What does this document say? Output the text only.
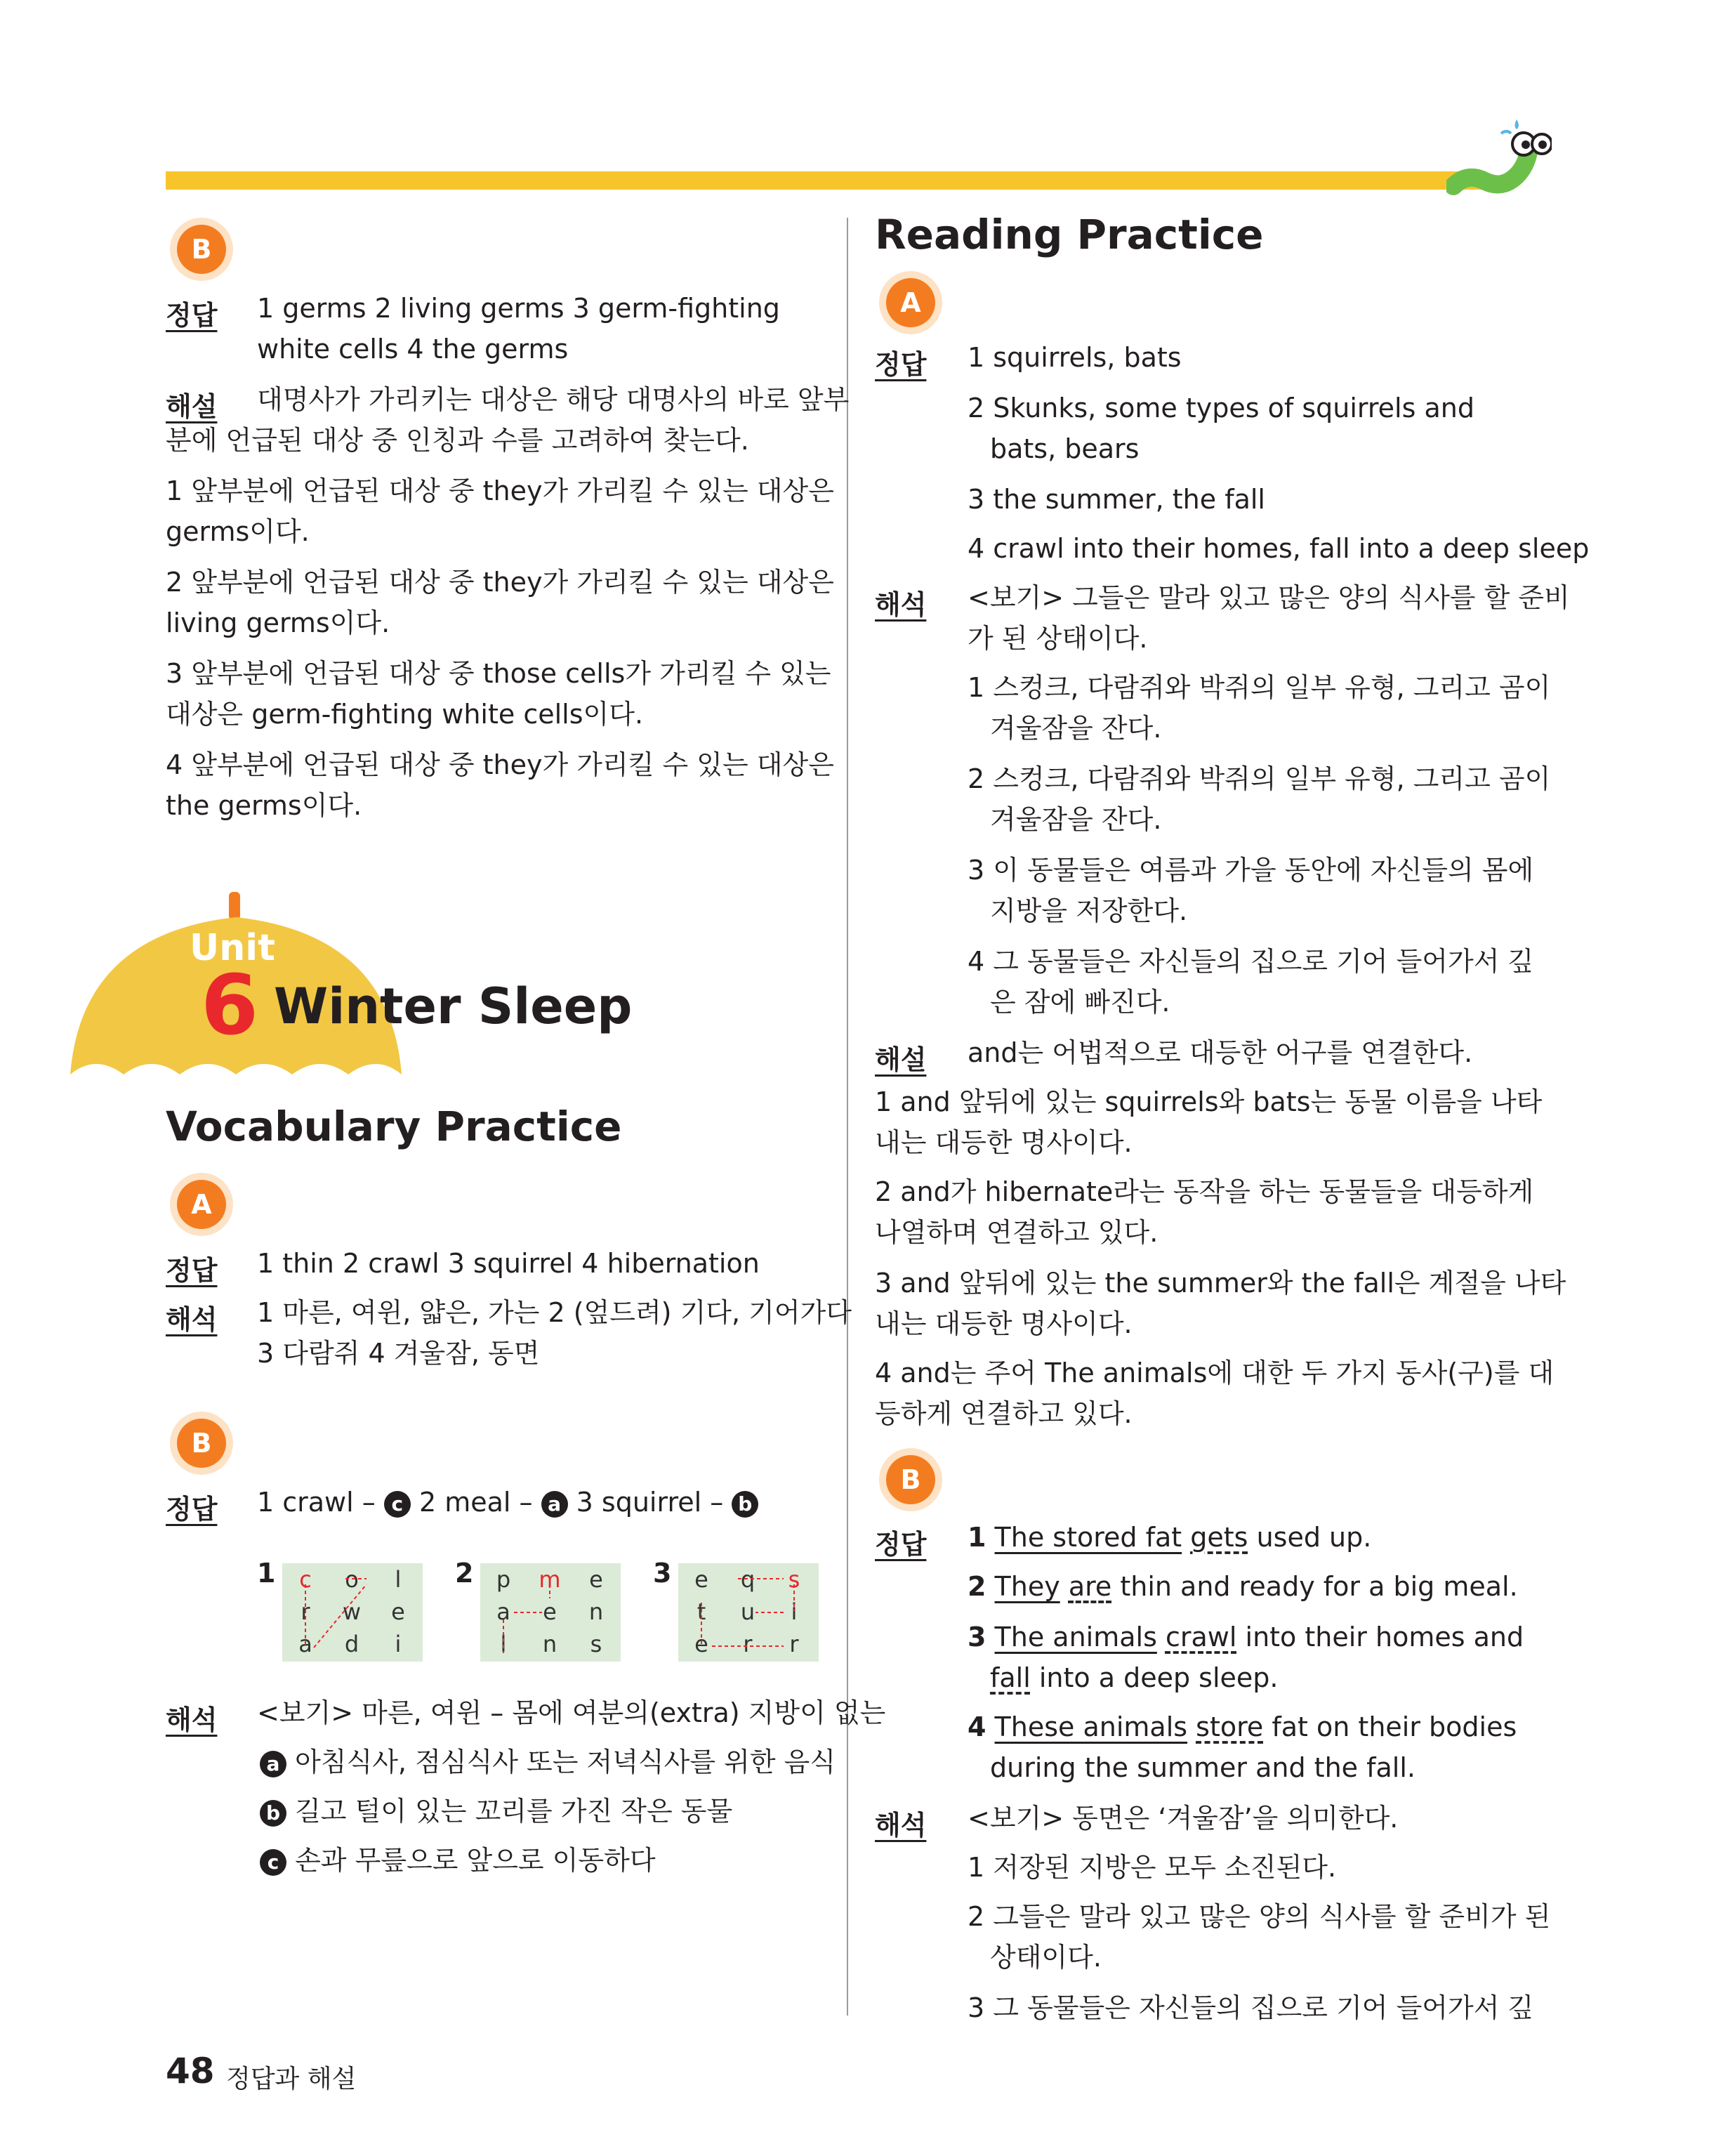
B
정답 1 germs 2 living germs 3 germ-fighting
white cells 4 the germs
해설 대명사가 가리키는 대상은 해당 대명사의 바로 앞부
분에 언급된 대상 중 인칭과 수를 고려하여 찾는다.
1 앞부분에 언급된 대상 중 they가 가리킬 수 있는 대상은
germs이다.
2 앞부분에 언급된 대상 중 they가 가리킬 수 있는 대상은
living germs이다.
3 앞부분에 언급된 대상 중 those cells가 가리킬 수 있는
대상은 germ-fighting white cells이다.
4 앞부분에 언급된 대상 중 they가 가리킬 수 있는 대상은
the germs이다.
Unit
6 Winter Sleep
Vocabulary Practice
A
정답 1 thin 2 crawl 3 squirrel 4 hibernation
해석 1 마른, 여윈, 얇은, 가는 2 (엎드려) 기다, 기어가다
3 다람쥐 4 겨울잠, 동면
B
정답 1 crawl – c 2 meal – a 3 squirrel – b
1	c	o	l
r	w	e
a	d	i
2	p	m	e
a	e	n
l	n	s
3	e	q	s
t	u	i
e	r	r
해석 <보기> 마른, 여윈 – 몸에 여분의(extra) 지방이 없는
a 아침식사, 점심식사 또는 저녁식사를 위한 음식
b 길고 털이 있는 꼬리를 가진 작은 동물
c 손과 무릎으로 앞으로 이동하다
Reading Practice
A
정답 1 squirrels, bats
2 Skunks, some types of squirrels and
bats, bears
3 the summer, the fall
4 crawl into their homes, fall into a deep sleep
해석 <보기> 그들은 말라 있고 많은 양의 식사를 할 준비
가 된 상태이다.
1 스컹크, 다람쥐와 박쥐의 일부 유형, 그리고 곰이
겨울잠을 잔다.
2 스컹크, 다람쥐와 박쥐의 일부 유형, 그리고 곰이
겨울잠을 잔다.
3 이 동물들은 여름과 가을 동안에 자신들의 몸에
지방을 저장한다.
4 그 동물들은 자신들의 집으로 기어 들어가서 깊
은 잠에 빠진다.
해설 and는 어법적으로 대등한 어구를 연결한다.
1 and 앞뒤에 있는 squirrels와 bats는 동물 이름을 나타
내는 대등한 명사이다.
2 and가 hibernate라는 동작을 하는 동물들을 대등하게
나열하며 연결하고 있다.
3 and 앞뒤에 있는 the summer와 the fall은 계절을 나타
내는 대등한 명사이다.
4 and는 주어 The animals에 대한 두 가지 동사(구)를 대
등하게 연결하고 있다.
B
정답 1 The stored fat gets used up.
2 They are thin and ready for a big meal.
3 The animals crawl into their homes and
fall into a deep sleep.
4 These animals store fat on their bodies
during the summer and the fall.
해석 <보기> 동면은 ‘겨울잠’을 의미한다.
1 저장된 지방은 모두 소진된다.
2 그들은 말라 있고 많은 양의 식사를 할 준비가 된
상태이다.
3 그 동물들은 자신들의 집으로 기어 들어가서 깊
48 정답과 해설
